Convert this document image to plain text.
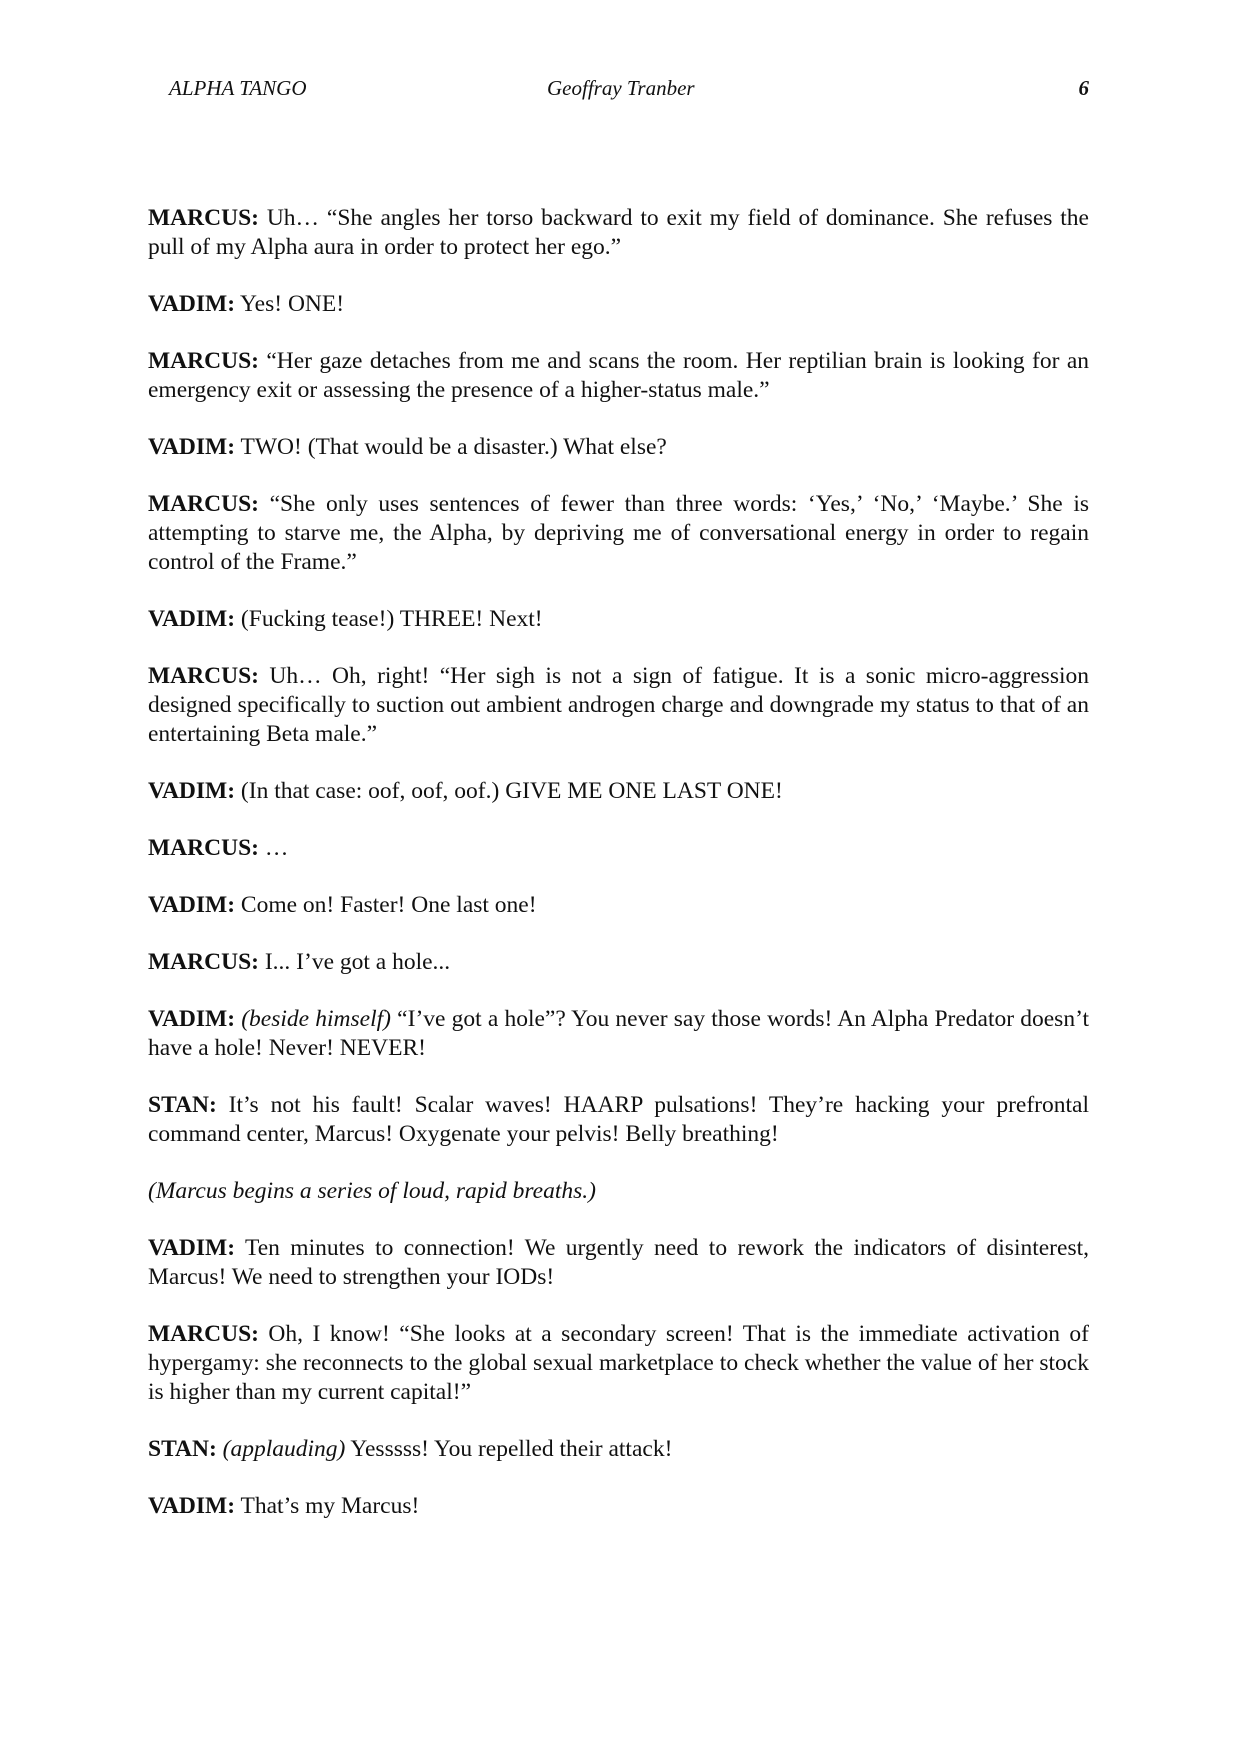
ALPHA TANGO	Geoffray Tranber	6

MARCUS: Uh… “She angles her torso backward to exit my field of dominance. She refuses the pull of my Alpha aura in order to protect her ego.”

VADIM: Yes! ONE!

MARCUS: “Her gaze detaches from me and scans the room. Her reptilian brain is looking for an emergency exit or assessing the presence of a higher-status male.”

VADIM: TWO! (That would be a disaster.) What else?

MARCUS: “She only uses sentences of fewer than three words: ‘Yes,’ ‘No,’ ‘Maybe.’ She is attempting to starve me, the Alpha, by depriving me of conversational energy in order to regain control of the Frame.”

VADIM: (Fucking tease!) THREE! Next!

MARCUS: Uh… Oh, right! “Her sigh is not a sign of fatigue. It is a sonic micro-aggression designed specifically to suction out ambient androgen charge and downgrade my status to that of an entertaining Beta male.”

VADIM: (In that case: oof, oof, oof.) GIVE ME ONE LAST ONE!

MARCUS: …

VADIM: Come on! Faster! One last one!

MARCUS: I... I’ve got a hole...

VADIM: (beside himself) “I’ve got a hole”? You never say those words! An Alpha Predator doesn’t have a hole! Never! NEVER!

STAN: It’s not his fault! Scalar waves! HAARP pulsations! They’re hacking your prefrontal command center, Marcus! Oxygenate your pelvis! Belly breathing!

(Marcus begins a series of loud, rapid breaths.)

VADIM: Ten minutes to connection! We urgently need to rework the indicators of disinterest, Marcus! We need to strengthen your IODs!

MARCUS: Oh, I know! “She looks at a secondary screen! That is the immediate activation of hypergamy: she reconnects to the global sexual marketplace to check whether the value of her stock is higher than my current capital!”

STAN: (applauding) Yesssss! You repelled their attack!

VADIM: That’s my Marcus!
